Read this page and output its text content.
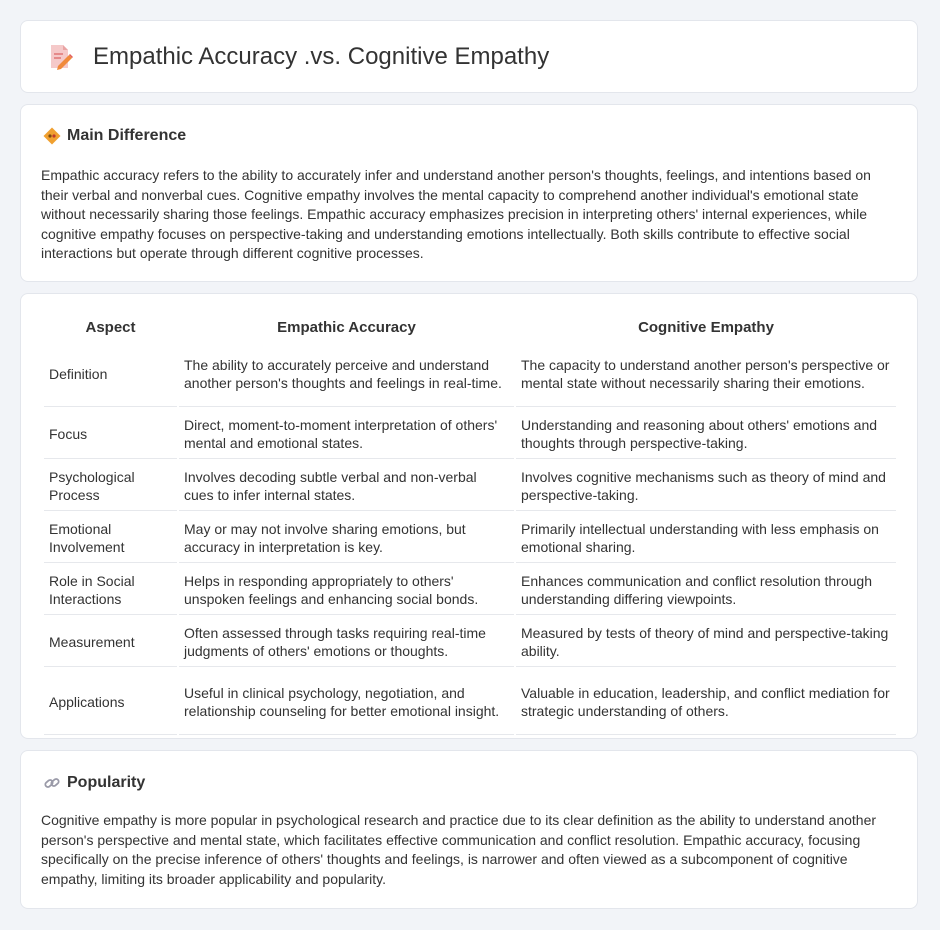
Empathic Accuracy .vs. Cognitive Empathy
Main Difference

Empathic accuracy refers to the ability to accurately infer and understand another person's thoughts, feelings, and intentions based on their verbal and nonverbal cues. Cognitive empathy involves the mental capacity to comprehend another individual's emotional state without necessarily sharing those feelings. Empathic accuracy emphasizes precision in interpreting others' internal experiences, while cognitive empathy focuses on perspective-taking and understanding emotions intellectually. Both skills contribute to effective social interactions but operate through different cognitive processes.

Aspect	Empathic Accuracy	Cognitive Empathy
Definition	The ability to accurately perceive and understand another person's thoughts and feelings in real-time.	The capacity to understand another person's perspective or mental state without necessarily sharing their emotions.
Focus	Direct, moment-to-moment interpretation of others' mental and emotional states.	Understanding and reasoning about others' emotions and thoughts through perspective-taking.
Psychological Process	Involves decoding subtle verbal and non-verbal cues to infer internal states.	Involves cognitive mechanisms such as theory of mind and perspective-taking.
Emotional Involvement	May or may not involve sharing emotions, but accuracy in interpretation is key.	Primarily intellectual understanding with less emphasis on emotional sharing.
Role in Social Interactions	Helps in responding appropriately to others' unspoken feelings and enhancing social bonds.	Enhances communication and conflict resolution through understanding differing viewpoints.
Measurement	Often assessed through tasks requiring real-time judgments of others' emotions or thoughts.	Measured by tests of theory of mind and perspective-taking ability.
Applications	Useful in clinical psychology, negotiation, and relationship counseling for better emotional insight.	Valuable in education, leadership, and conflict mediation for strategic understanding of others.
Popularity

Cognitive empathy is more popular in psychological research and practice due to its clear definition as the ability to understand another person's perspective and mental state, which facilitates effective communication and conflict resolution. Empathic accuracy, focusing specifically on the precise inference of others' thoughts and feelings, is narrower and often viewed as a subcomponent of cognitive empathy, limiting its broader applicability and popularity.
